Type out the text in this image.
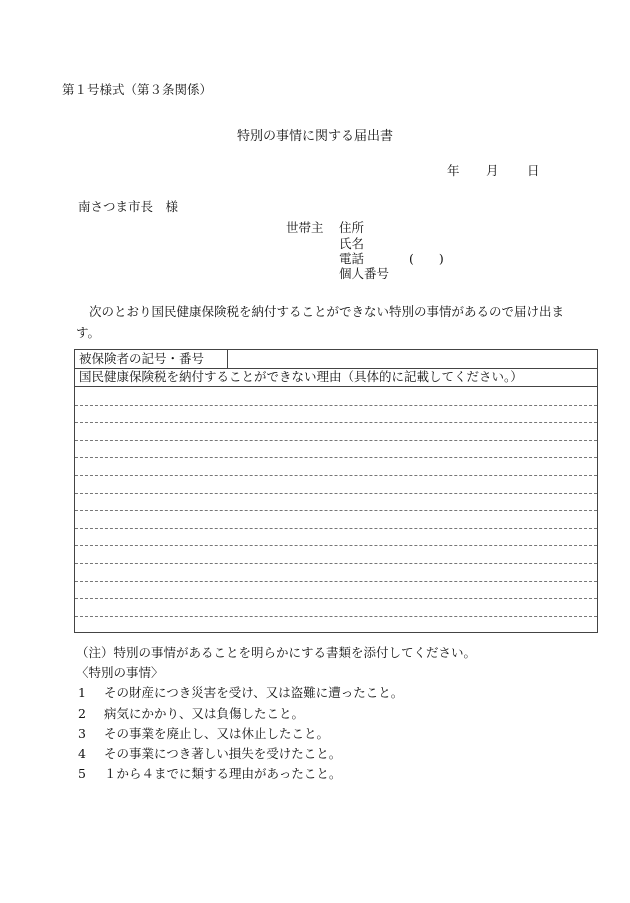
第１号様式（第３条関係）
特別の事情に関する届出書
年 月 日
南さつま市長　様
世帯主 住所
氏名
電話	(　　)
個人番号
次のとおり国民健康保険税を納付することができない特別の事情があるので届け出ます。
被保険者の記号・番号
国民健康保険税を納付することができない理由（具体的に記載してください。）
（注）特別の事情があることを明らかにする書類を添付してください。
〈特別の事情〉
1 その財産につき災害を受け、又は盗難に遭ったこと。
2 病気にかかり、又は負傷したこと。
3 その事業を廃止し、又は休止したこと。
4 その事業につき著しい損失を受けたこと。
5 １から４までに類する理由があったこと。
